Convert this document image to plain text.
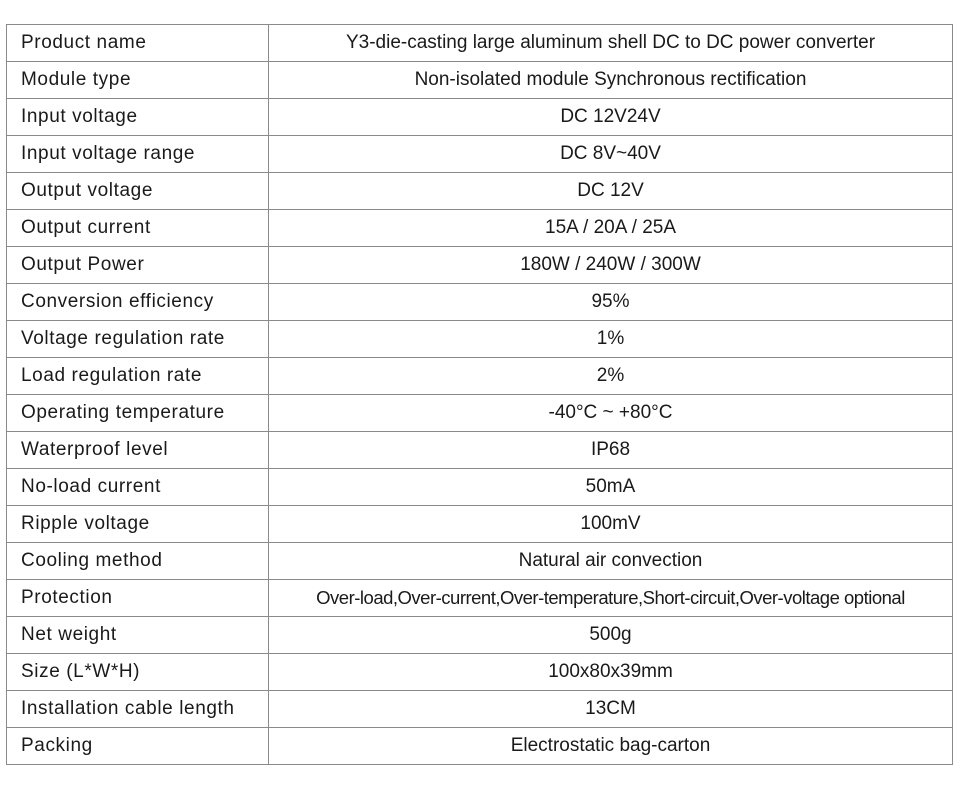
Product name	Y3-die-casting large aluminum shell DC to DC power converter
Module type	Non-isolated module Synchronous rectification
Input voltage	DC 12V24V
Input voltage range	DC 8V~40V
Output voltage	DC 12V
Output current	15A / 20A / 25A
Output Power	180W / 240W / 300W
Conversion efficiency	95%
Voltage regulation rate	1%
Load regulation rate	2%
Operating temperature	-40°C ~ +80°C
Waterproof level	IP68
No-load current	50mA
Ripple voltage	100mV
Cooling method	Natural air convection
Protection	Over-load,Over-current,Over-temperature,Short-circuit,Over-voltage optional
Net weight	500g
Size (L*W*H)	100x80x39mm
Installation cable length	13CM
Packing	Electrostatic bag-carton
